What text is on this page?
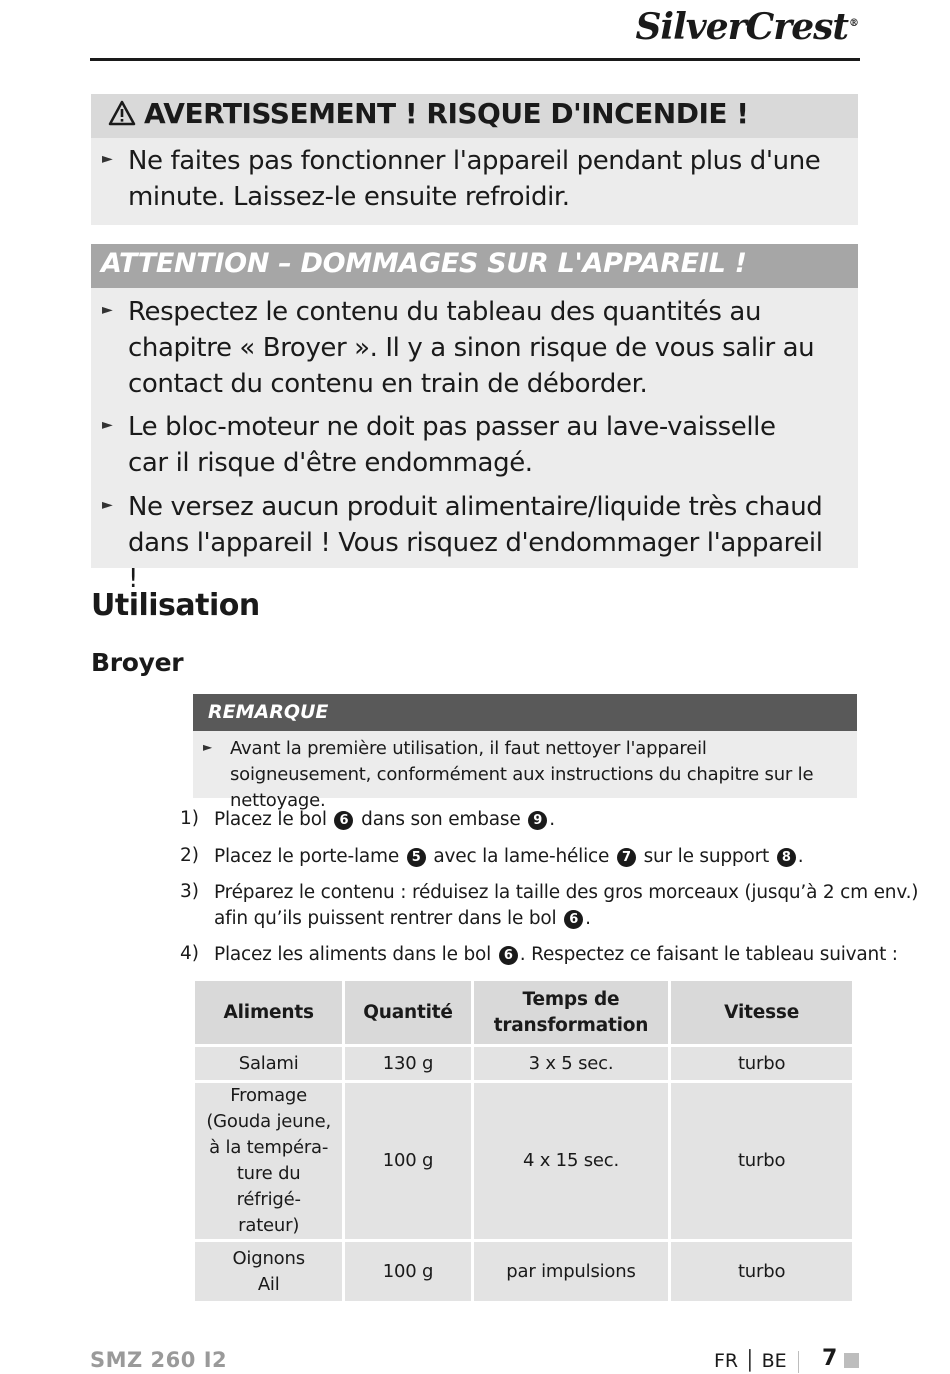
SilverCrest®
AVERTISSEMENT ! RISQUE D'INCENDIE !
► Ne faites pas fonctionner l'appareil pendant plus d'une minute. Laissez-le ensuite refroidir.
ATTENTION – DOMMAGES SUR L'APPAREIL !
► Respectez le contenu du tableau des quantités au chapitre « Broyer ». Il y a sinon risque de vous salir au contact du contenu en train de déborder.
► Le bloc-moteur ne doit pas passer au lave-vaisselle car il risque d'être endommagé.
► Ne versez aucun produit alimentaire/liquide très chaud dans l'appareil ! Vous risquez d'endommager l'appareil !
Utilisation
Broyer
REMARQUE
► Avant la première utilisation, il faut nettoyer l'appareil soigneusement, conformément aux instructions du chapitre sur le nettoyage.
1) Placez le bol 6 dans son embase 9 .
2) Placez le porte-lame 5 avec la lame-hélice 7 sur le support 8 .
3) Préparez le contenu : réduisez la taille des gros morceaux (jusqu’à 2 cm env.)
afin qu’ils puissent rentrer dans le bol 6 .
4) Placez les aliments dans le bol 6 . Respectez ce faisant le tableau suivant :
Aliments	Quantité	Temps de transformation	Vitesse
Salami	130 g	3 x 5 sec.	turbo
Fromage (Gouda jeune, à la tempéra- ture du réfrigé- rateur)	100 g	4 x 15 sec.	turbo
Oignons Ail	100 g	par impulsions	turbo
SMZ 260 I2	FR │ BE 7
